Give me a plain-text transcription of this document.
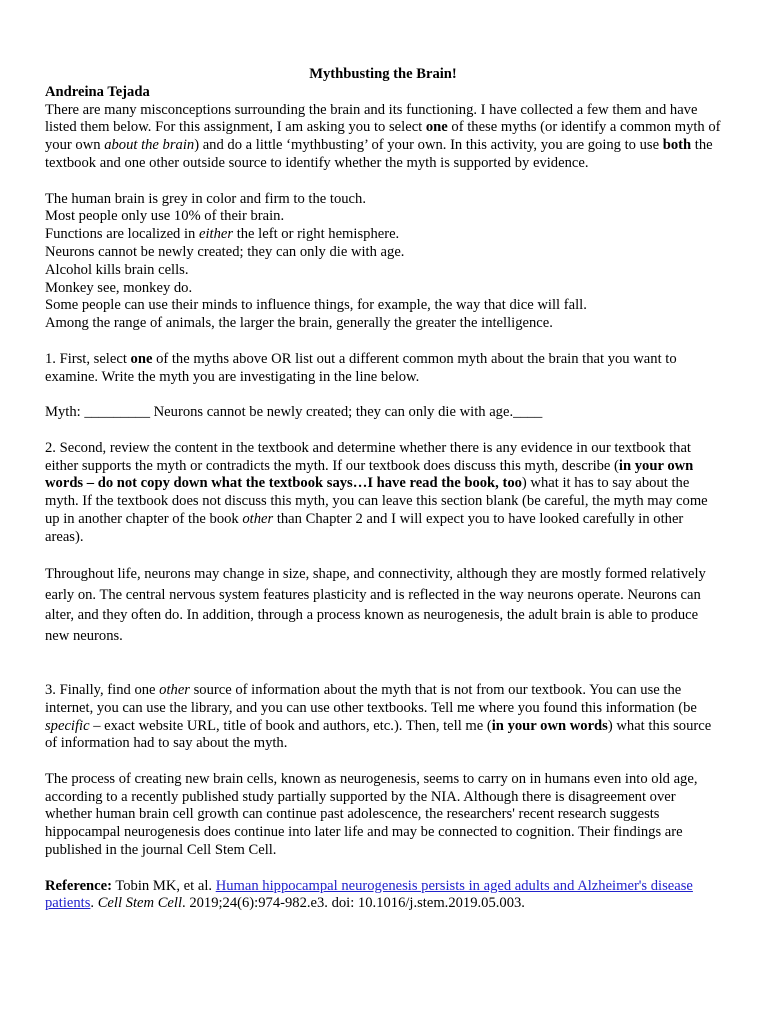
Mythbusting the Brain!

Andreina Tejada

There are many misconceptions surrounding the brain and its functioning. I have collected a few them and have listed them below. For this assignment, I am asking you to select one of these myths (or identify a common myth of your own about the brain) and do a little ‘mythbusting’ of your own. In this activity, you are going to use both the textbook and one other outside source to identify whether the myth is supported by evidence.

The human brain is grey in color and firm to the touch.

Most people only use 10% of their brain.

Functions are localized in either the left or right hemisphere.

Neurons cannot be newly created; they can only die with age.

Alcohol kills brain cells.

Monkey see, monkey do.

Some people can use their minds to influence things, for example, the way that dice will fall.

Among the range of animals, the larger the brain, generally the greater the intelligence.

1. First, select one of the myths above OR list out a different common myth about the brain that you want to examine. Write the myth you are investigating in the line below.

Myth: _________ Neurons cannot be newly created; they can only die with age.____

2. Second, review the content in the textbook and determine whether there is any evidence in our textbook that either supports the myth or contradicts the myth. If our textbook does discuss this myth, describe (in your own words – do not copy down what the textbook says…I have read the book, too) what it has to say about the myth. If the textbook does not discuss this myth, you can leave this section blank (be careful, the myth may come up in another chapter of the book other than Chapter 2 and I will expect you to have looked carefully in other areas).

Throughout life, neurons may change in size, shape, and connectivity, although they are mostly formed relatively early on. The central nervous system features plasticity and is reflected in the way neurons operate. Neurons can alter, and they often do. In addition, through a process known as neurogenesis, the adult brain is able to produce new neurons.

3. Finally, find one other source of information about the myth that is not from our textbook. You can use the internet, you can use the library, and you can use other textbooks. Tell me where you found this information (be specific – exact website URL, title of book and authors, etc.). Then, tell me (in your own words) what this source of information had to say about the myth.

The process of creating new brain cells, known as neurogenesis, seems to carry on in humans even into old age, according to a recently published study partially supported by the NIA. Although there is disagreement over whether human brain cell growth can continue past adolescence, the researchers' recent research suggests hippocampal neurogenesis does continue into later life and may be connected to cognition. Their findings are published in the journal Cell Stem Cell.

Reference: Tobin MK, et al. Human hippocampal neurogenesis persists in aged adults and Alzheimer's disease patients. Cell Stem Cell. 2019;24(6):974-982.e3. doi: 10.1016/j.stem.2019.05.003.
